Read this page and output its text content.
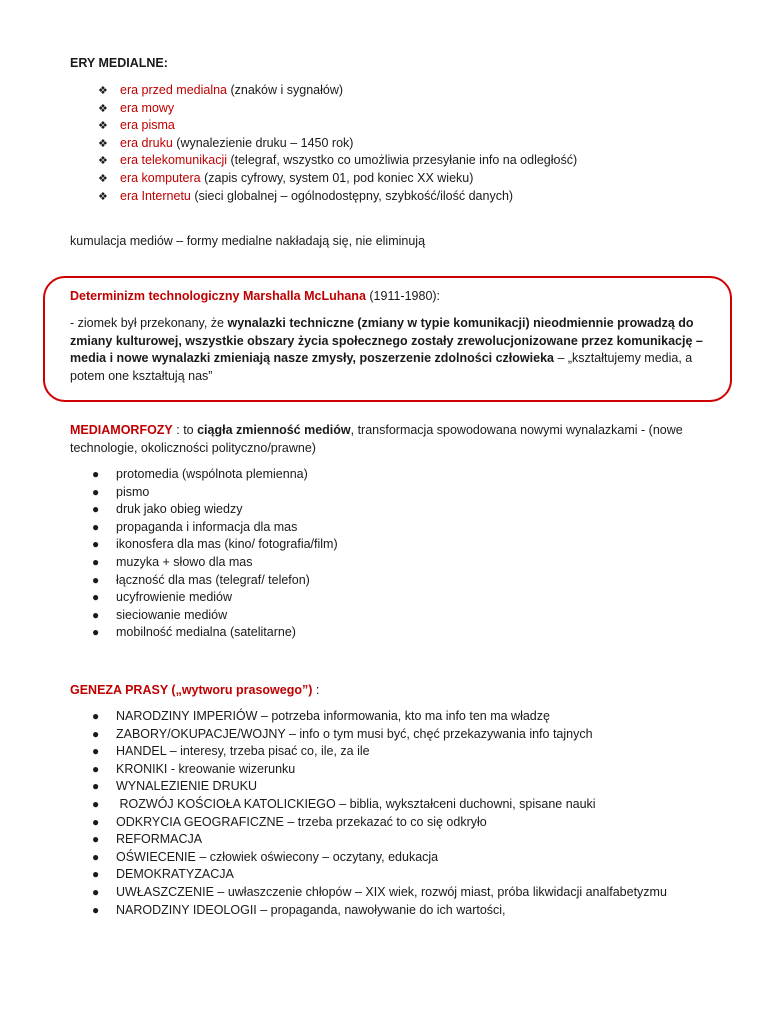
ERY MEDIALNE:
❖ era przed medialna (znaków i sygnałów)
❖ era mowy
❖ era pisma
❖ era druku (wynalezienie druku – 1450 rok)
❖ era telekomunikacji (telegraf, wszystko co umożliwia przesyłanie info na odległość)
❖ era komputera (zapis cyfrowy, system 01, pod koniec XX wieku)
❖ era Internetu (sieci globalnej – ogólnodostępny, szybkość/ilość danych)
kumulacja mediów – formy medialne nakładają się, nie eliminują
Determinizm technologiczny Marshalla McLuhana (1911-1980):
- ziomek był przekonany, że wynalazki techniczne (zmiany w typie komunikacji) nieodmiennie prowadzą do zmiany kulturowej, wszystkie obszary życia społecznego zostały zrewolucjonizowane przez komunikację – media i nowe wynalazki zmieniają nasze zmysły, poszerzenie zdolności człowieka – „kształtujemy media, a potem one kształtują nas”
MEDIAMORFOZY : to ciągła zmienność mediów, transformacja spowodowana nowymi wynalazkami - (nowe technologie, okoliczności polityczno/prawne)
● protomedia (wspólnota plemienna)
● pismo
● druk jako obieg wiedzy
● propaganda i informacja dla mas
● ikonosfera dla mas (kino/ fotografia/film)
● muzyka + słowo dla mas
● łączność dla mas (telegraf/ telefon)
● ucyfrowienie mediów
● sieciowanie mediów
● mobilność medialna (satelitarne)
GENEZA PRASY („wytworu prasowego”) :
● NARODZINY IMPERIÓW – potrzeba informowania, kto ma info ten ma władzę
● ZABORY/OKUPACJE/WOJNY – info o tym musi być, chęć przekazywania info tajnych
● HANDEL – interesy, trzeba pisać co, ile, za ile
● KRONIKI - kreowanie wizerunku
● WYNALEZIENIE DRUKU
● ROZWÓJ KOŚCIOŁA KATOLICKIEGO – biblia, wykształceni duchowni, spisane nauki
● ODKRYCIA GEOGRAFICZNE – trzeba przekazać to co się odkryło
● REFORMACJA
● OŚWIECENIE – człowiek oświecony – oczytany, edukacja
● DEMOKRATYZACJA
● UWŁASZCZENIE – uwłaszczenie chłopów – XIX wiek, rozwój miast, próba likwidacji analfabetyzmu
● NARODZINY IDEOLOGII – propaganda, nawoływanie do ich wartości,
